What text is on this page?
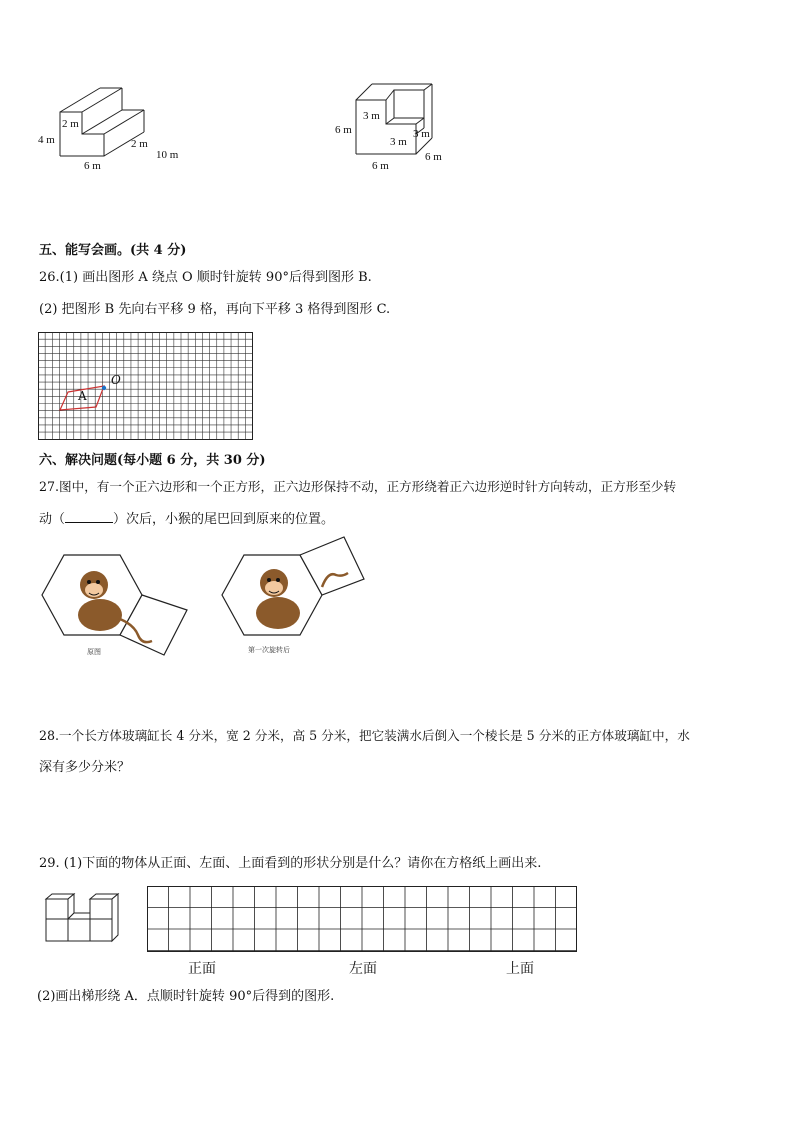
4 m
2 m
2 m
10 m
6 m
3 m
3 m
3 m
6 m
6 m
6 m
五、能写会画。(共 4 分)
26.(1) 画出图形 A 绕点 O 顺时针旋转 90°后得到图形 B.
(2) 把图形 B 先向右平移 9 格，再向下平移 3 格得到图形 C.
A
O
六、解决问题(每小题 6 分，共 30 分)
27.图中，有一个正六边形和一个正方形，正六边形保持不动，正方形绕着正六边形逆时针方向转动，正方形至少转
动（	）次后，小猴的尾巴回到原来的位置。
原图	第一次旋转后
28.一个长方体玻璃缸长 4 分米，宽 2 分米，高 5 分米，把它装满水后倒入一个棱长是 5 分米的正方体玻璃缸中，水
深有多少分米？
29. (1)下面的物体从正面、左面、上面看到的形状分别是什么？请你在方格纸上画出来.
正面	左面	上面
(2)画出梯形绕 A．点顺时针旋转 90°后得到的图形.
